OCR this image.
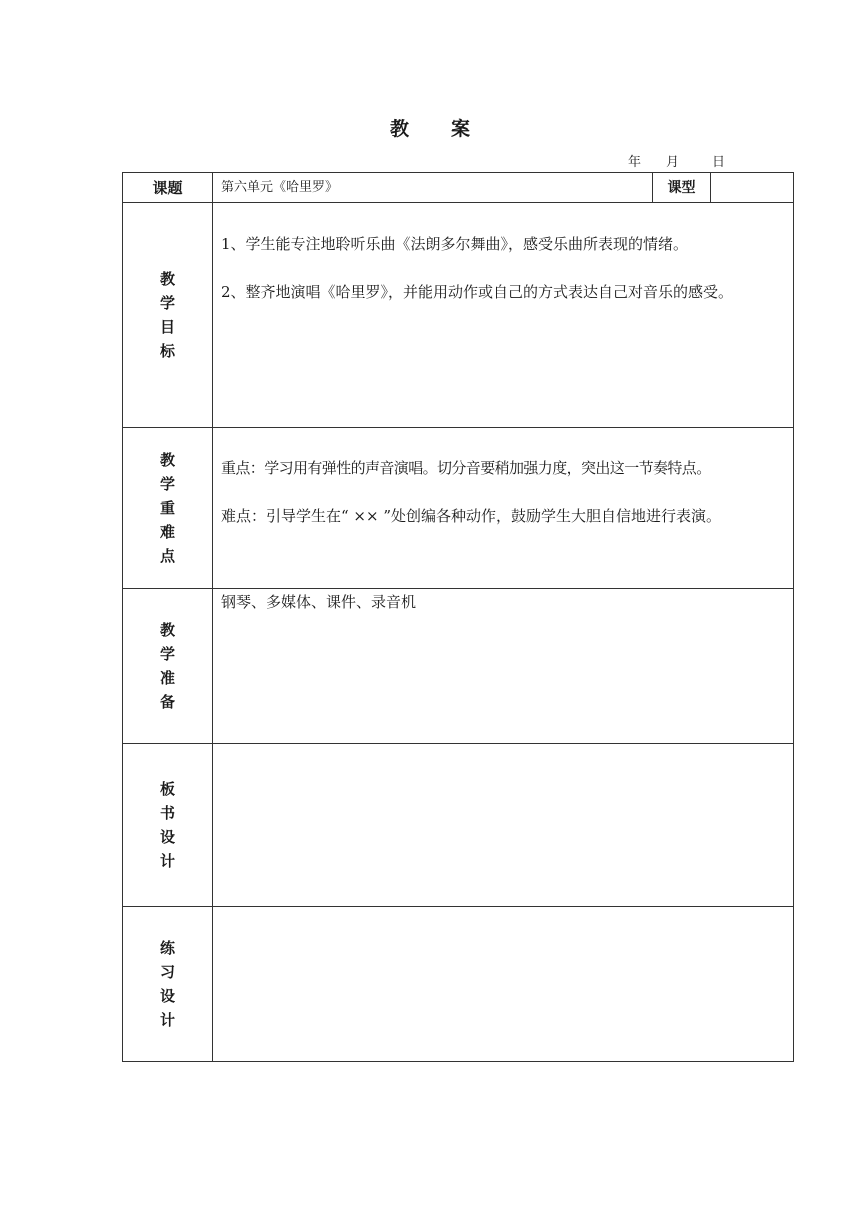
教 案
年 月	日
课题	第六单元《哈里罗》	课型	
教学目标	1、学生能专注地聆听乐曲《法朗多尔舞曲》，感受乐曲所表现的情绪。

2、整齐地演唱《哈里罗》，并能用动作或自己的方式表达自己对音乐的感受。		

教学重难点	重点：学习用有弹性的声音演唱。切分音要稍加强力度，突出这一节奏特点。

难点：引导学生在“ ×× ”处创编各种动作，鼓励学生大胆自信地进行表演。		

教学准备	钢琴、多媒体、课件、录音机		

板书设计			
练习设计			
